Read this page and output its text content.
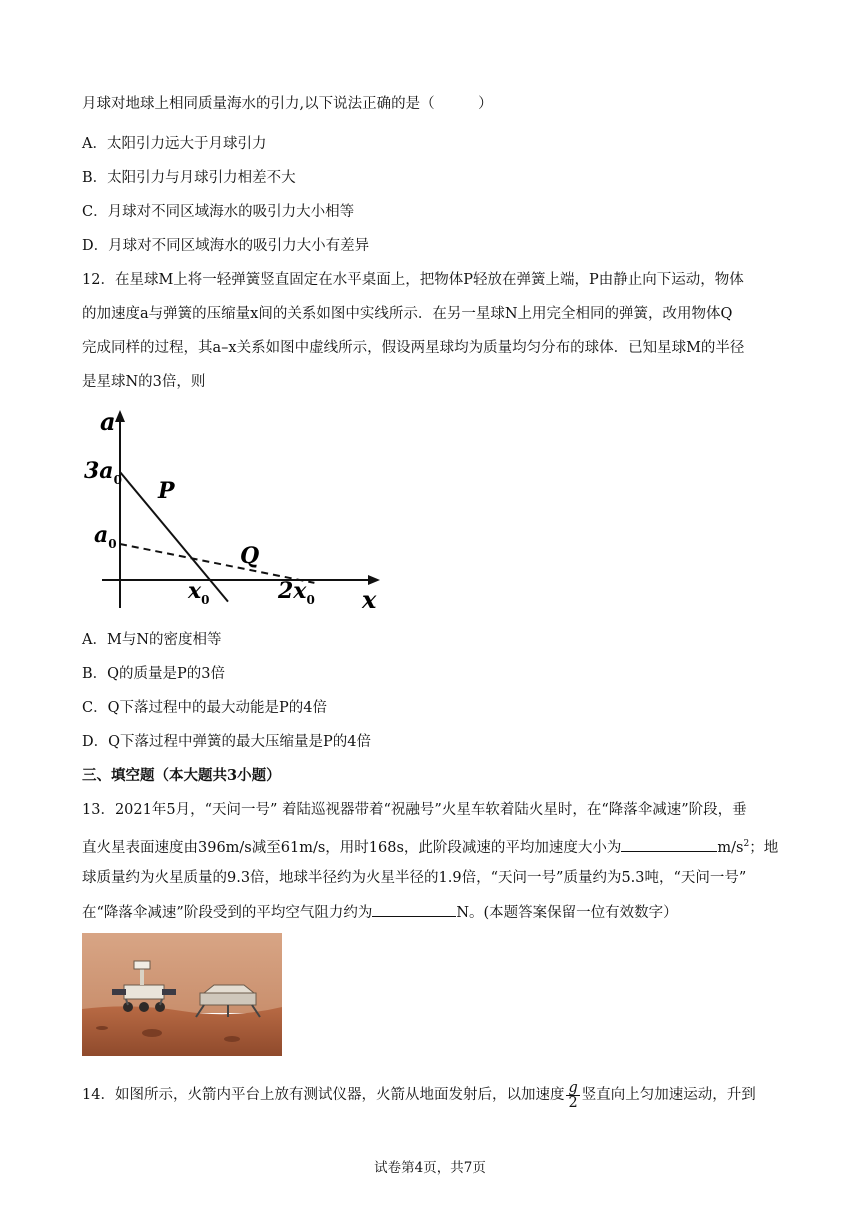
月球对地球上相同质量海水的引力,以下说法正确的是（　　　）
A．太阳引力远大于月球引力
B．太阳引力与月球引力相差不大
C．月球对不同区域海水的吸引力大小相等
D．月球对不同区域海水的吸引力大小有差异
12．在星球M上将一轻弹簧竖直固定在水平桌面上，把物体P轻放在弹簧上端，P由静止向下运动，物体
的加速度a与弹簧的压缩量x间的关系如图中实线所示．在另一星球N上用完全相同的弹簧，改用物体Q
完成同样的过程，其a–x关系如图中虚线所示，假设两星球均为质量均匀分布的球体．已知星球M的半径
是星球N的3倍，则
a
x
$3a_0$
$a_0$
$x_0$	$2x_0$
P
Q
A．M与N的密度相等
B．Q的质量是P的3倍
C．Q下落过程中的最大动能是P的4倍
D．Q下落过程中弹簧的最大压缩量是P的4倍
三、填空题（本大题共3小题）
13．2021年5月，“天问一号” 着陆巡视器带着“祝融号”火星车软着陆火星时，在“降落伞减速”阶段，垂
直火星表面速度由396m/s减至61m/s，用时168s，此阶段减速的平均加速度大小为	$m/s^2$；地
球质量约为火星质量的9.3倍，地球半径约为火星半径的1.9倍，“天问一号”质量约为5.3吨，“天问一号”
在“降落伞减速”阶段受到的平均空气阻力约为	N。(本题答案保留一位有效数字）
14．如图所示，火箭内平台上放有测试仪器，火箭从地面发射后，以加速度 $\frac{g}{2}$ 竖直向上匀加速运动，升到
试卷第4页，共7页
